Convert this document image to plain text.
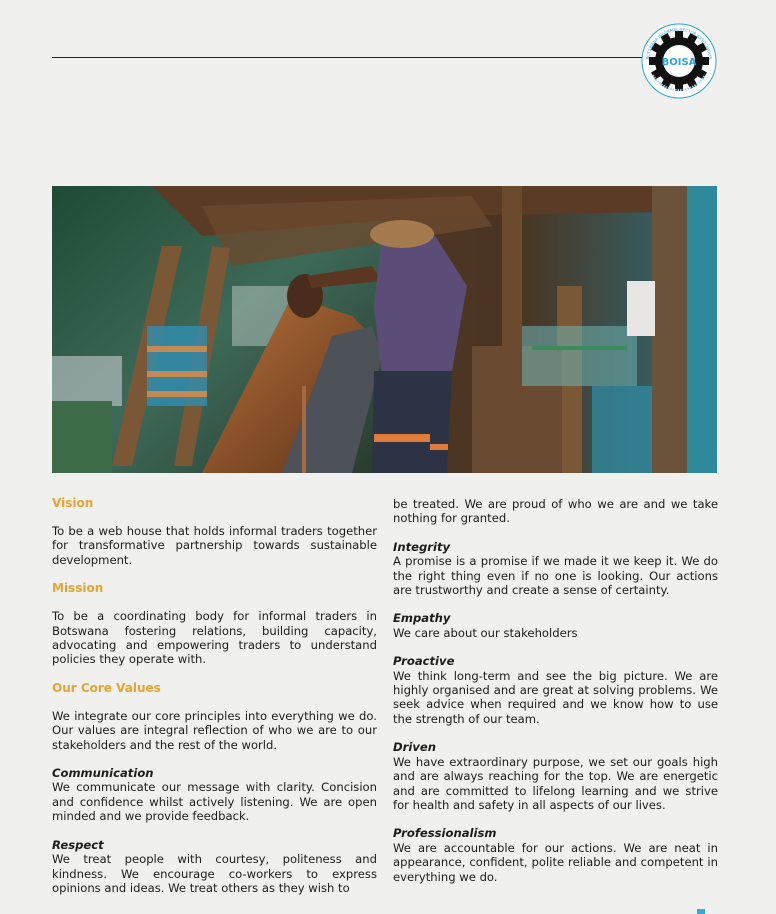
BOISA
BOTSWANA INFORMAL SECTOR ASSOCIATION
Vision
To be a web house that holds informal traders together for transformative partnership towards sustainable development.
Mission
To be a coordinating body for informal traders in Botswana fostering relations, building capacity, advocating and empowering traders to understand policies they operate with.
Our Core Values
We integrate our core principles into everything we do. Our values are integral reflection of who we are to our stakeholders and the rest of the world.
Communication
We communicate our message with clarity. Concision and confidence whilst actively listening. We are open minded and we provide feedback.
Respect
We treat people with courtesy, politeness and kindness. We encourage co-workers to express opinions and ideas. We treat others as they wish to
be treated. We are proud of who we are and we take nothing for granted.
Integrity
A promise is a promise if we made it we keep it. We do the right thing even if no one is looking. Our actions are trustworthy and create a sense of certainty.
Empathy
We care about our stakeholders
Proactive
We think long-term and see the big picture. We are highly organised and are great at solving problems. We seek advice when required and we know how to use the strength of our team.
Driven
We have extraordinary purpose, we set our goals high and are always reaching for the top. We are energetic and are committed to lifelong learning and we strive for health and safety in all aspects of our lives.
Professionalism
We are accountable for our actions. We are neat in appearance, confident, polite reliable and competent in everything we do.
